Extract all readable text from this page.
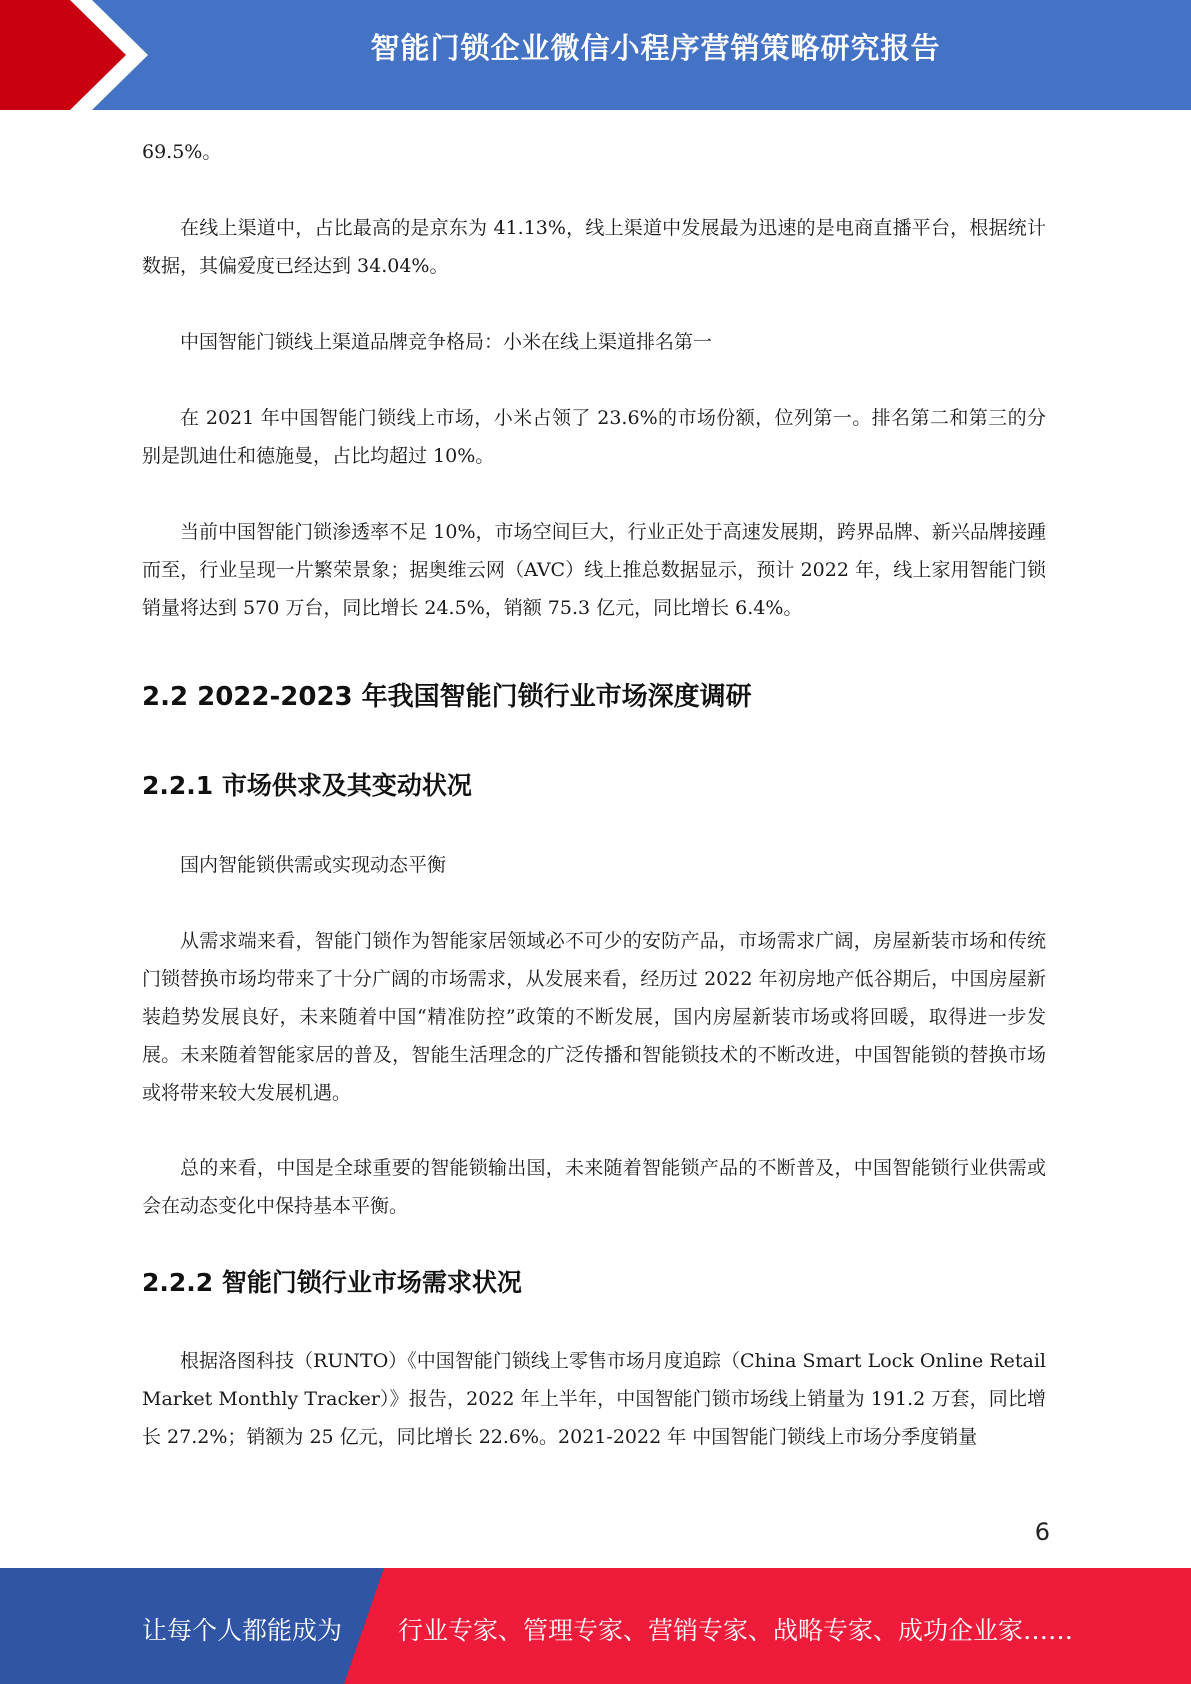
智能门锁企业微信小程序营销策略研究报告

69.5%。

在线上渠道中，占比最高的是京东为 41.13%，线上渠道中发展最为迅速的是电商直播平台，根据统计数据，其偏爱度已经达到 34.04%。

中国智能门锁线上渠道品牌竞争格局：小米在线上渠道排名第一

在 2021 年中国智能门锁线上市场，小米占领了 23.6%的市场份额，位列第一。排名第二和第三的分别是凯迪仕和德施曼，占比均超过 10%。

当前中国智能门锁渗透率不足 10%，市场空间巨大，行业正处于高速发展期，跨界品牌、新兴品牌接踵而至，行业呈现一片繁荣景象；据奥维云网（AVC）线上推总数据显示，预计 2022 年，线上家用智能门锁销量将达到 570 万台，同比增长 24.5%，销额 75.3 亿元，同比增长 6.4%。

2.2 2022-2023 年我国智能门锁行业市场深度调研
2.2.1 市场供求及其变动状况

国内智能锁供需或实现动态平衡

从需求端来看，智能门锁作为智能家居领域必不可少的安防产品，市场需求广阔，房屋新装市场和传统门锁替换市场均带来了十分广阔的市场需求，从发展来看，经历过 2022 年初房地产低谷期后，中国房屋新装趋势发展良好，未来随着中国“精准防控”政策的不断发展，国内房屋新装市场或将回暖，取得进一步发展。未来随着智能家居的普及，智能生活理念的广泛传播和智能锁技术的不断改进，中国智能锁的替换市场或将带来较大发展机遇。

总的来看，中国是全球重要的智能锁输出国，未来随着智能锁产品的不断普及，中国智能锁行业供需或会在动态变化中保持基本平衡。

2.2.2 智能门锁行业市场需求状况

根据洛图科技（RUNTO）《中国智能门锁线上零售市场月度追踪（China Smart Lock Online Retail Market Monthly Tracker）》报告，2022 年上半年，中国智能门锁市场线上销量为 191.2 万套，同比增长 27.2%；销额为 25 亿元，同比增长 22.6%。2021-2022 年 中国智能门锁线上市场分季度销量

6
让每个人都能成为 行业专家、管理专家、营销专家、战略专家、成功企业家……
